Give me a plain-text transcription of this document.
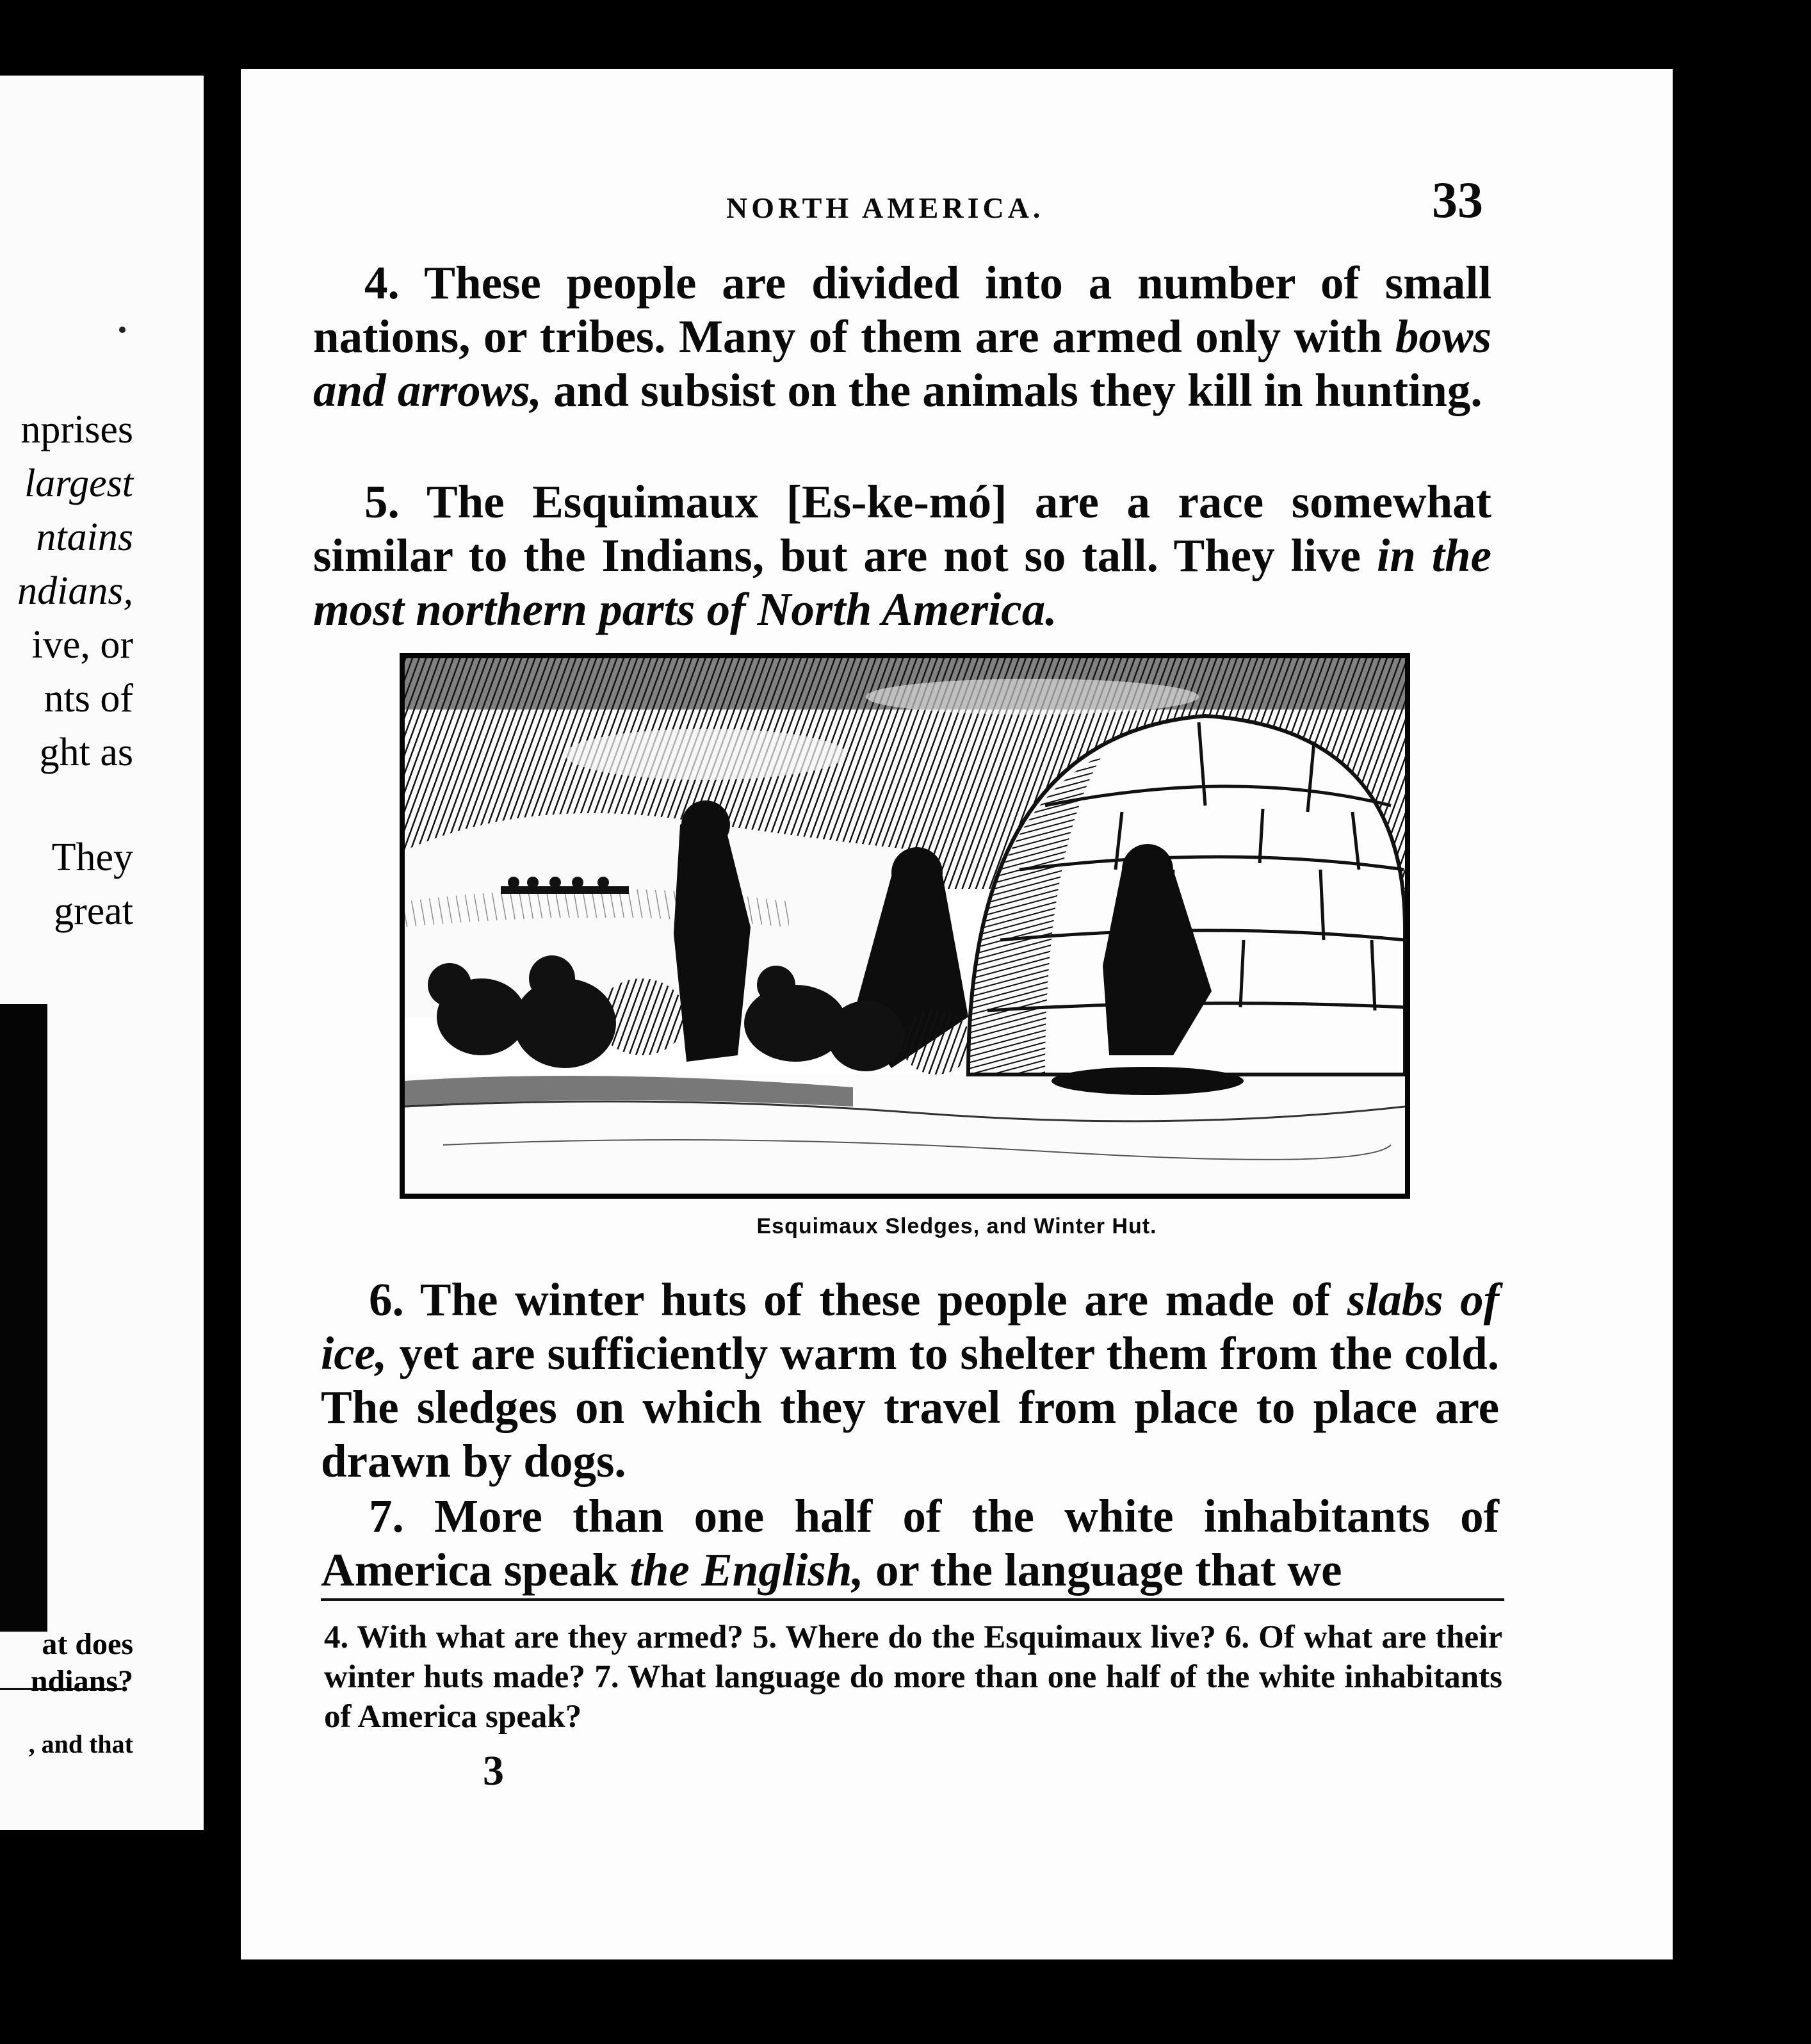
nprises
largest
ntains
ndians,
ive, or
nts of
ght as
They
great
at does
ndians?
, and that
NORTH AMERICA.	33
4. These people are divided into a number of small nations, or tribes. Many of them are armed only with bows and arrows, and subsist on the animals they kill in hunting.
5. The Esquimaux [Es-ke-mó] are a race somewhat similar to the Indians, but are not so tall. They live in the most northern parts of North America.
Esquimaux Sledges, and Winter Hut.
6. The winter huts of these people are made of slabs of ice, yet are sufficiently warm to shelter them from the cold. The sledges on which they travel from place to place are drawn by dogs.
7. More than one half of the white inhabitants of America speak the English, or the language that we
4. With what are they armed? 5. Where do the Esquimaux live? 6. Of what are their winter huts made? 7. What language do more than one half of the white inhabitants of America speak?
3
